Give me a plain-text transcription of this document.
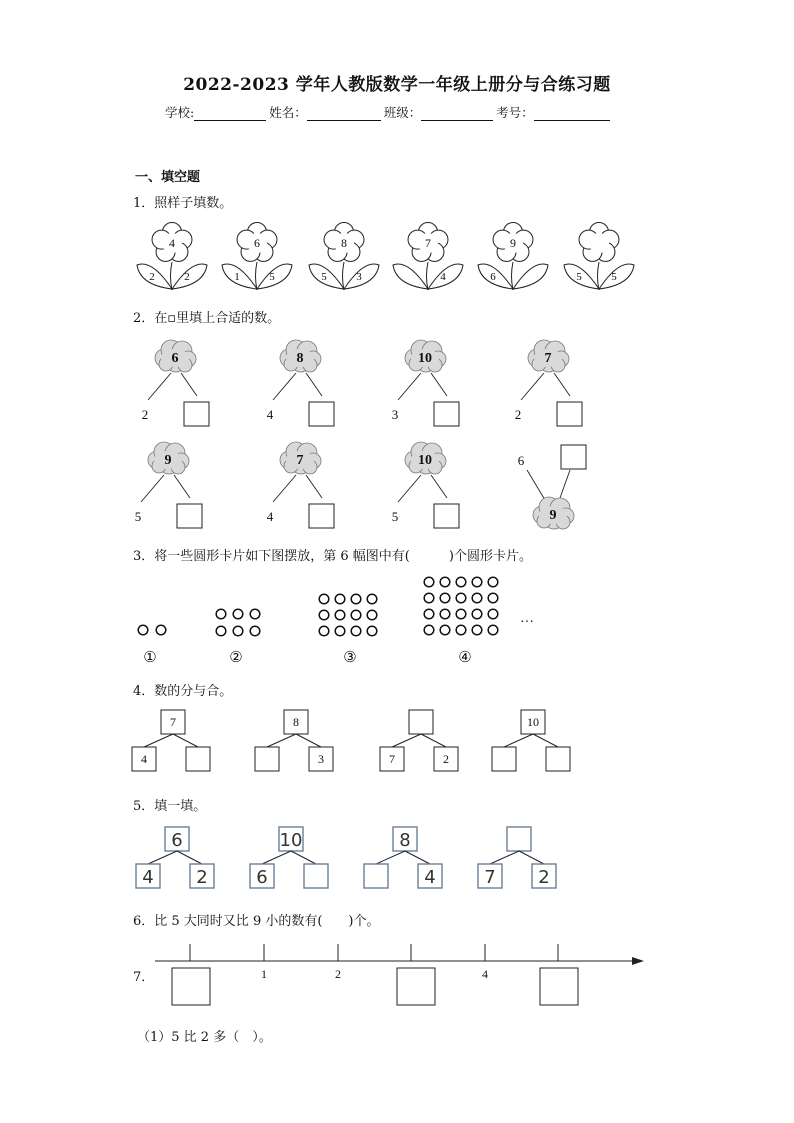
2022-2023 学年人教版数学一年级上册分与合练习题
学校:	姓名：	班级：	考号：
一、填空题
1．照样子填数。
2．在▫里填上合适的数。
3．将一些圆形卡片如下图摆放，第 6 幅图中有(　　　)个圆形卡片。
4．数的分与合。
5．填一填。
6．比 5 大同时又比 9 小的数有(　　)个。
7．
（1）5 比 2 多（　）。
4
2	2
6
1	5
8
5	3
7
4
9
6	5	5
6
2
8
4
10
3
7
2
9
5
7
4
10
5
6
9
…
①	②	③	④
7
4
8
3	7	2
10
6
4 2
10
6
8
4	7 2
1	2	4
